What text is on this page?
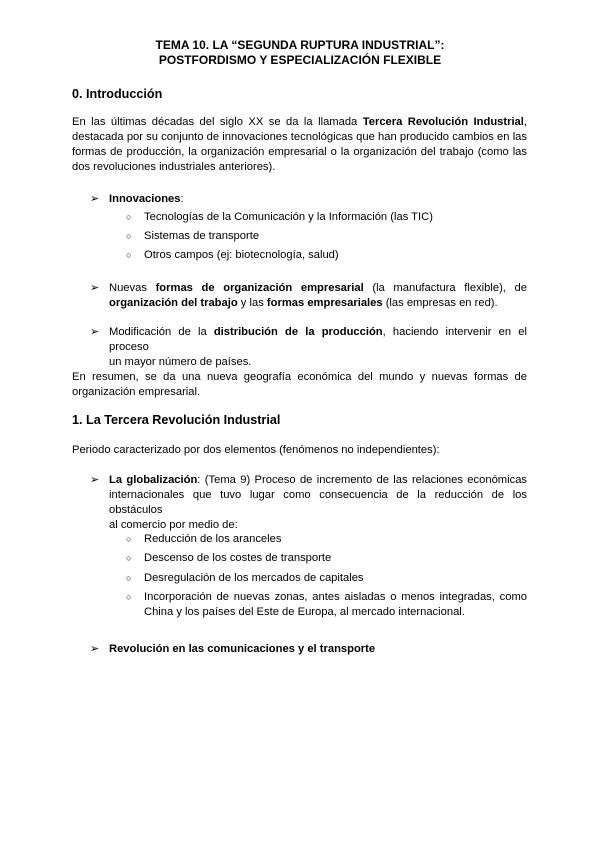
TEMA 10. LA “SEGUNDA RUPTURA INDUSTRIAL”:
POSTFORDISMO Y ESPECIALIZACIÓN FLEXIBLE
0. Introducción
En las últimas décadas del siglo XX se da la llamada Tercera Revolución Industrial,
destacada por su conjunto de innovaciones tecnológicas que han producido cambios en las
formas de producción, la organización empresarial o la organización del trabajo (como las
dos revoluciones industriales anteriores).
➢ Innovaciones:
○ Tecnologías de la Comunicación y la Información (las TIC)
○ Sistemas de transporte
○ Otros campos (ej: biotecnología, salud)
➢ Nuevas formas de organización empresarial (la manufactura flexible), de
organización del trabajo y las formas empresariales (las empresas en red).
➢ Modificación de la distribución de la producción, haciendo intervenir en el proceso
un mayor número de países.
En resumen, se da una nueva geografía económica del mundo y nuevas formas de
organización empresarial.
1. La Tercera Revolución Industrial
Periodo caracterizado por dos elementos (fenómenos no independientes):
➢ La globalización: (Tema 9) Proceso de incremento de las relaciones económicas
internacionales que tuvo lugar como consecuencia de la reducción de los obstáculos
al comercio por medio de:
○ Reducción de los aranceles
○ Descenso de los costes de transporte
○ Desregulación de los mercados de capitales
○ Incorporación de nuevas zonas, antes aisladas o menos integradas, como
China y los países del Este de Europa, al mercado internacional.
➢ Revolución en las comunicaciones y el transporte
